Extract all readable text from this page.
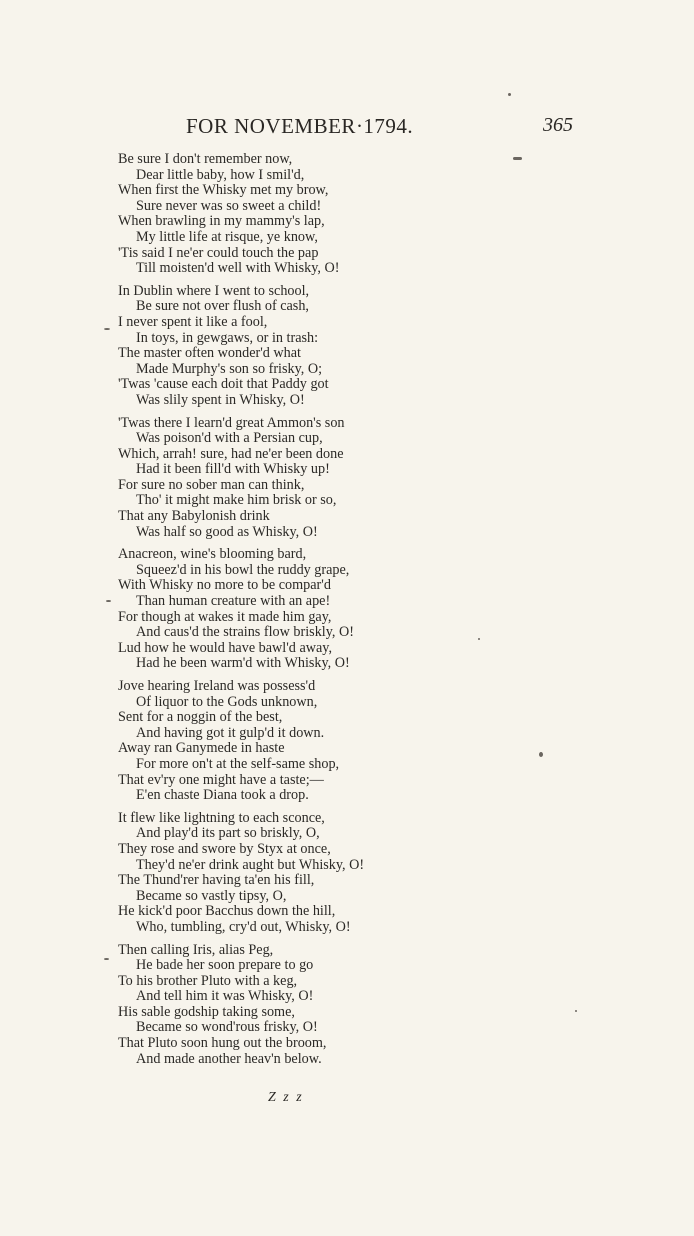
FOR NOVEMBER·1794.	365
Be sure I don't remember now,
Dear little baby, how I smil'd,
When first the Whisky met my brow,
Sure never was so sweet a child!
When brawling in my mammy's lap,
My little life at risque, ye know,
'Tis said I ne'er could touch the pap
Till moisten'd well with Whisky, O!
In Dublin where I went to school,
Be sure not over flush of cash,
I never spent it like a fool,
In toys, in gewgaws, or in trash:
The master often wonder'd what
Made Murphy's son so frisky, O;
'Twas 'cause each doit that Paddy got
Was slily spent in Whisky, O!
'Twas there I learn'd great Ammon's son
Was poison'd with a Persian cup,
Which, arrah! sure, had ne'er been done
Had it been fill'd with Whisky up!
For sure no sober man can think,
Tho' it might make him brisk or so,
That any Babylonish drink
Was half so good as Whisky, O!
Anacreon, wine's blooming bard,
Squeez'd in his bowl the ruddy grape,
With Whisky no more to be compar'd
Than human creature with an ape!
For though at wakes it made him gay,
And caus'd the strains flow briskly, O!
Lud how he would have bawl'd away,
Had he been warm'd with Whisky, O!
Jove hearing Ireland was possess'd
Of liquor to the Gods unknown,
Sent for a noggin of the best,
And having got it gulp'd it down.
Away ran Ganymede in haste
For more on't at the self-same shop,
That ev'ry one might have a taste;—
E'en chaste Diana took a drop.
It flew like lightning to each sconce,
And play'd its part so briskly, O,
They rose and swore by Styx at once,
They'd ne'er drink aught but Whisky, O!
The Thund'rer having ta'en his fill,
Became so vastly tipsy, O,
He kick'd poor Bacchus down the hill,
Who, tumbling, cry'd out, Whisky, O!
Then calling Iris, alias Peg,
He bade her soon prepare to go
To his brother Pluto with a keg,
And tell him it was Whisky, O!
His sable godship taking some,
Became so wond'rous frisky, O!
That Pluto soon hung out the broom,
And made another heav'n below.
Z z z
